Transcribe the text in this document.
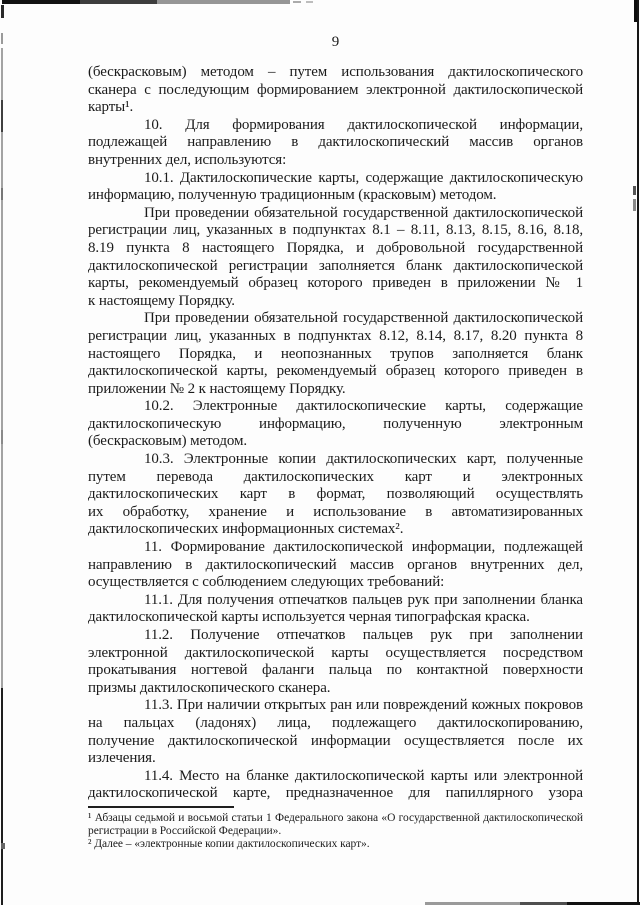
9
(бескрасковым) методом – путем использования дактилоскопического
сканера с последующим формированием электронной дактилоскопической
карты¹.
10. Для формирования дактилоскопической информации,
подлежащей направлению в дактилоскопический массив органов
внутренних дел, используются:
10.1. Дактилоскопические карты, содержащие дактилоскопическую
информацию, полученную традиционным (красковым) методом.
При проведении обязательной государственной дактилоскопической
регистрации лиц, указанных в подпунктах 8.1 – 8.11, 8.13, 8.15, 8.16, 8.18,
8.19 пункта 8 настоящего Порядка, и добровольной государственной
дактилоскопической регистрации заполняется бланк дактилоскопической
карты, рекомендуемый образец которого приведен в приложении № 1
к настоящему Порядку.
При проведении обязательной государственной дактилоскопической
регистрации лиц, указанных в подпунктах 8.12, 8.14, 8.17, 8.20 пункта 8
настоящего Порядка, и неопознанных трупов заполняется бланк
дактилоскопической карты, рекомендуемый образец которого приведен в
приложении № 2 к настоящему Порядку.
10.2. Электронные дактилоскопические карты, содержащие
дактилоскопическую информацию, полученную электронным
(бескрасковым) методом.
10.3. Электронные копии дактилоскопических карт, полученные
путем перевода дактилоскопических карт и электронных
дактилоскопических карт в формат, позволяющий осуществлять
их обработку, хранение и использование в автоматизированных
дактилоскопических информационных системах².
11. Формирование дактилоскопической информации, подлежащей
направлению в дактилоскопический массив органов внутренних дел,
осуществляется с соблюдением следующих требований:
11.1. Для получения отпечатков пальцев рук при заполнении бланка
дактилоскопической карты используется черная типографская краска.
11.2. Получение отпечатков пальцев рук при заполнении
электронной дактилоскопической карты осуществляется посредством
прокатывания ногтевой фаланги пальца по контактной поверхности
призмы дактилоскопического сканера.
11.3. При наличии открытых ран или повреждений кожных покровов
на пальцах (ладонях) лица, подлежащего дактилоскопированию,
получение дактилоскопической информации осуществляется после их
излечения.
11.4. Место на бланке дактилоскопической карты или электронной
дактилоскопической карте, предназначенное для папиллярного узора
¹ Абзацы седьмой и восьмой статьи 1 Федерального закона «О государственной дактилоскопической
регистрации в Российской Федерации».
² Далее – «электронные копии дактилоскопических карт».
